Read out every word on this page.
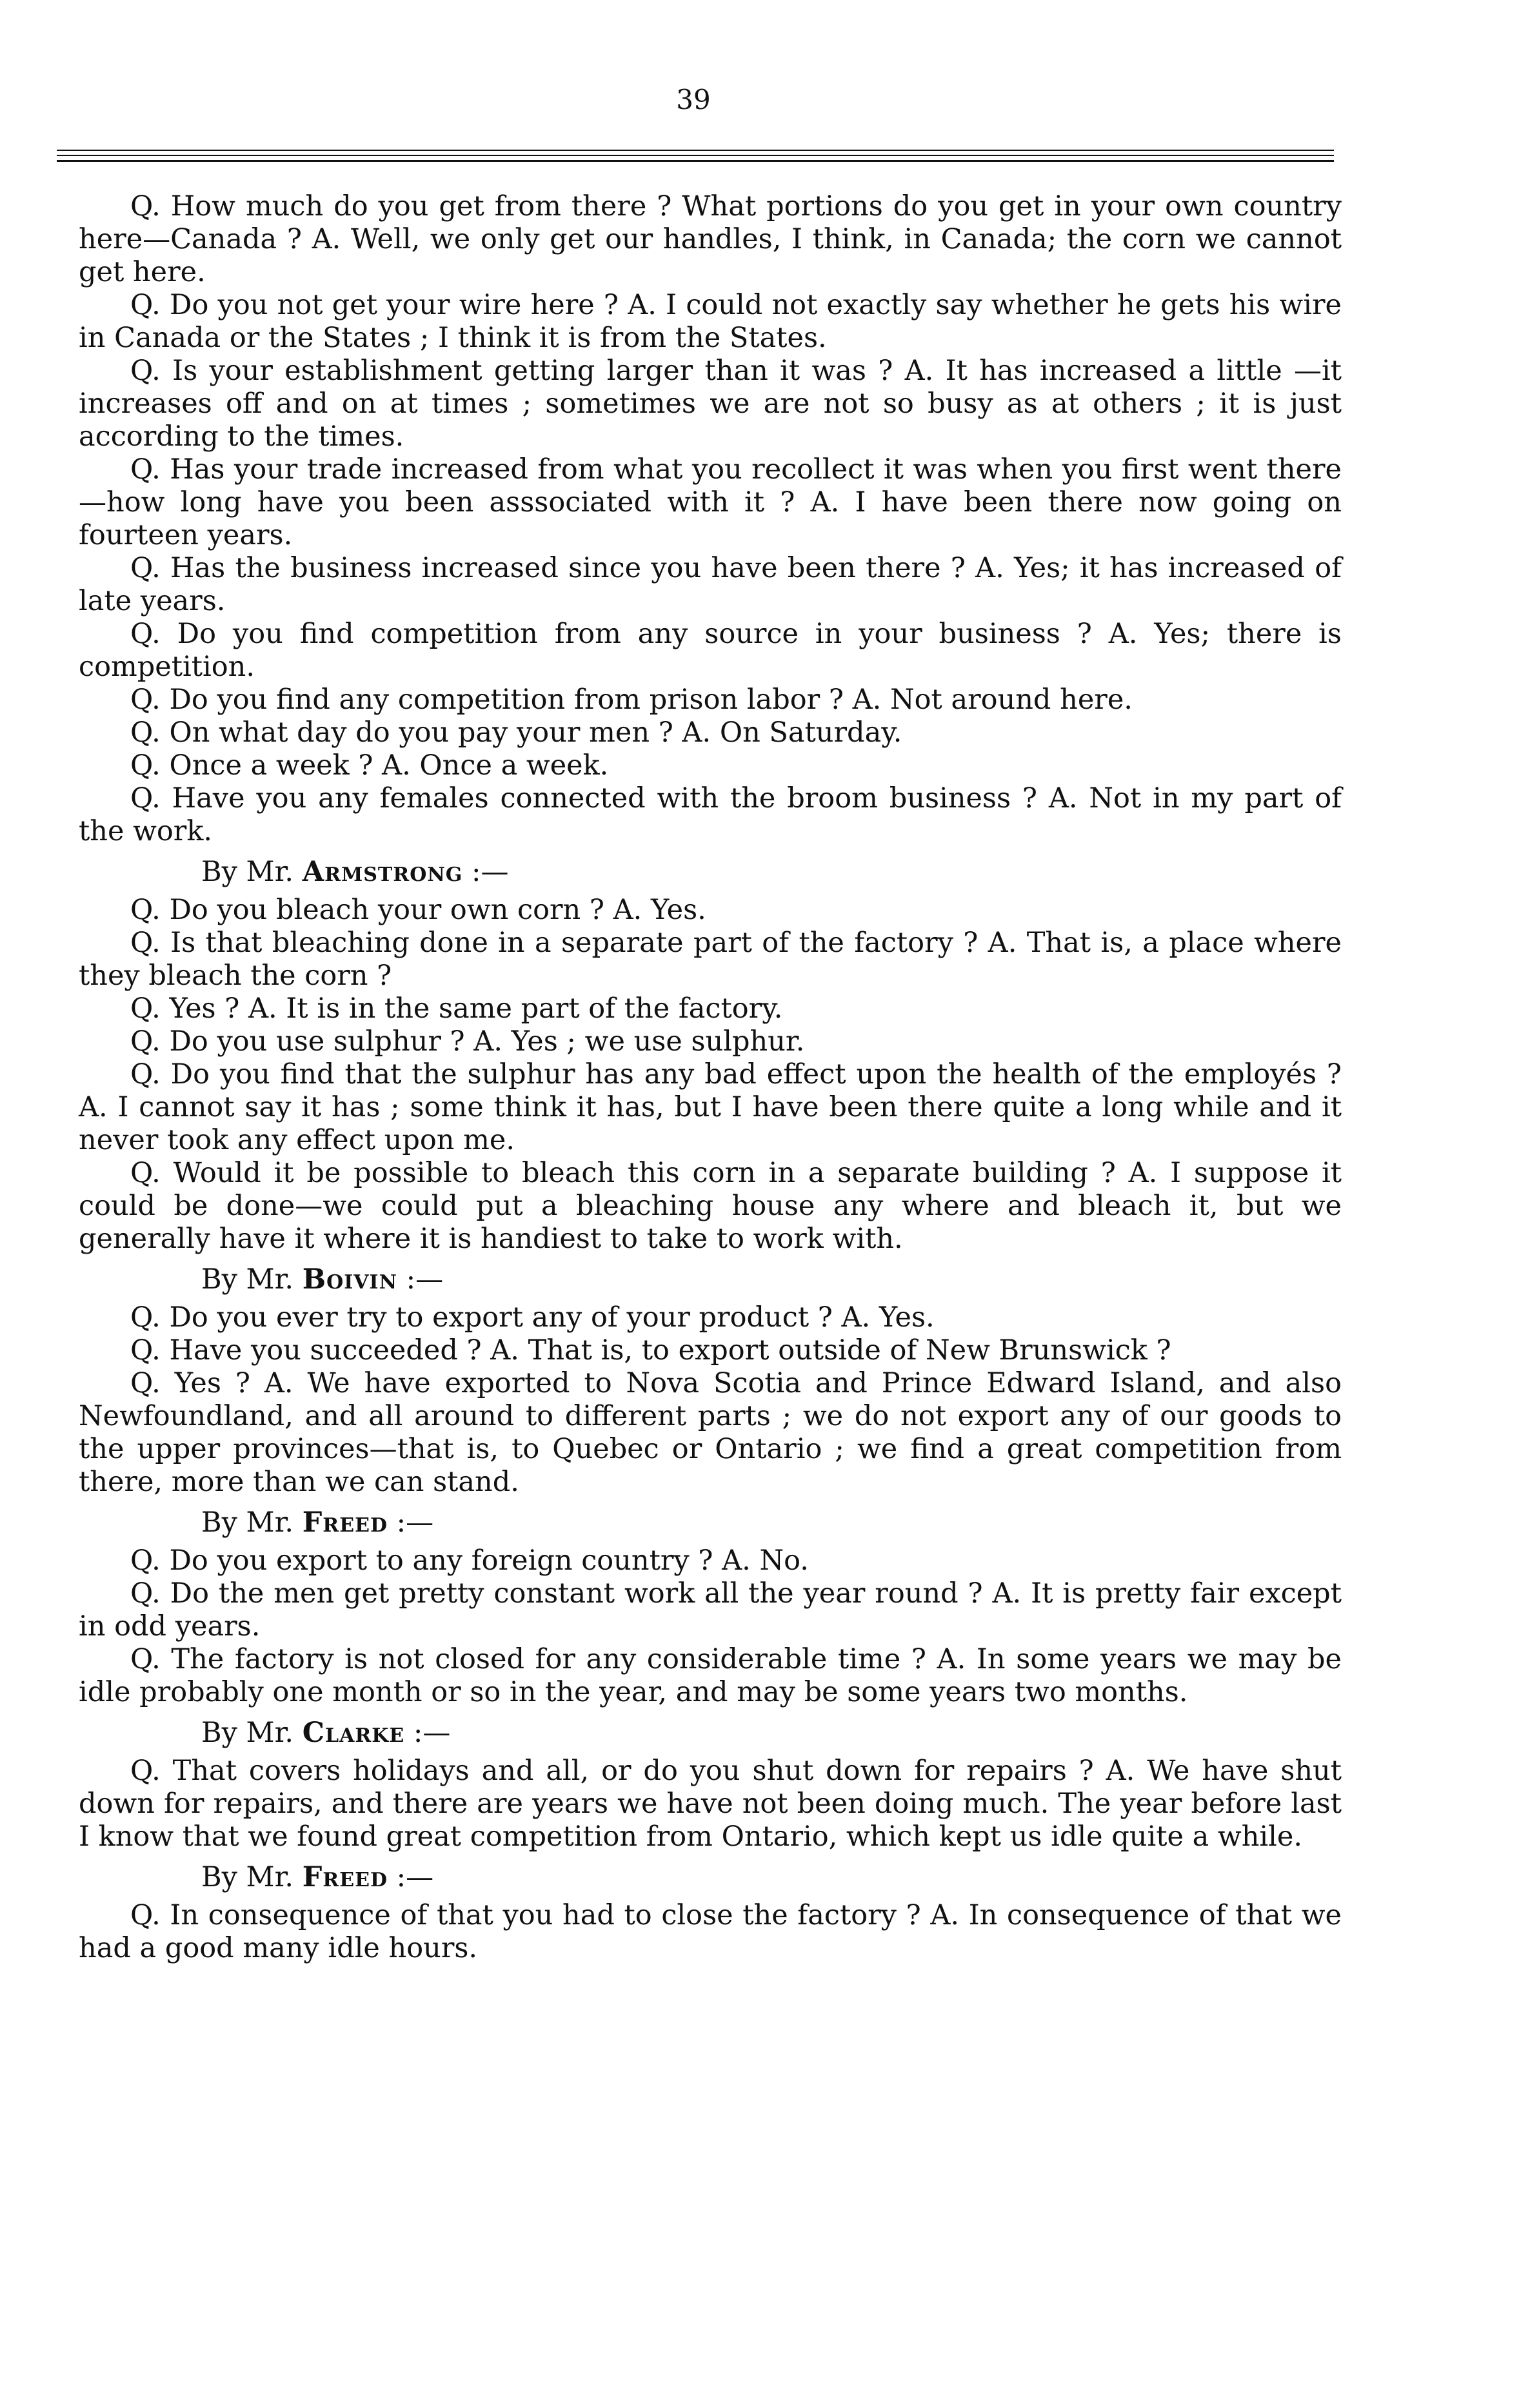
39

Q. How much do you get from there ? What portions do you get in your own country here—Canada ? A. Well, we only get our handles, I think, in Canada; the corn we cannot get here.

Q. Do you not get your wire here ? A. I could not exactly say whether he gets his wire in Canada or the States ; I think it is from the States.

Q. Is your establishment getting larger than it was ? A. It has increased a little —it increases off and on at times ; sometimes we are not so busy as at others ; it is just according to the times.

Q. Has your trade increased from what you recollect it was when you first went there—how long have you been asssociated with it ? A. I have been there now going on fourteen years.

Q. Has the business increased since you have been there ? A. Yes; it has increased of late years.

Q. Do you find competition from any source in your business ? A. Yes; there is competition.

Q. Do you find any competition from prison labor ? A. Not around here.

Q. On what day do you pay your men ? A. On Saturday.

Q. Once a week ? A. Once a week.

Q. Have you any females connected with the broom business ? A. Not in my part of the work.

By Mr. Armstrong :—

Q. Do you bleach your own corn ? A. Yes.

Q. Is that bleaching done in a separate part of the factory ? A. That is, a place where they bleach the corn ?

Q. Yes ? A. It is in the same part of the factory.

Q. Do you use sulphur ? A. Yes ; we use sulphur.

Q. Do you find that the sulphur has any bad effect upon the health of the employés ? A. I cannot say it has ; some think it has, but I have been there quite a long while and it never took any effect upon me.

Q. Would it be possible to bleach this corn in a separate building ? A. I suppose it could be done—we could put a bleaching house any where and bleach it, but we generally have it where it is handiest to take to work with.

By Mr. Boivin :—

Q. Do you ever try to export any of your product ? A. Yes.

Q. Have you succeeded ? A. That is, to export outside of New Brunswick ?

Q. Yes ? A. We have exported to Nova Scotia and Prince Edward Island, and also Newfoundland, and all around to different parts ; we do not export any of our goods to the upper provinces—that is, to Quebec or Ontario ; we find a great competition from there, more than we can stand.

By Mr. Freed :—

Q. Do you export to any foreign country ? A. No.

Q. Do the men get pretty constant work all the year round ? A. It is pretty fair except in odd years.

Q. The factory is not closed for any considerable time ? A. In some years we may be idle probably one month or so in the year, and may be some years two months.

By Mr. Clarke :—

Q. That covers holidays and all, or do you shut down for repairs ? A. We have shut down for repairs, and there are years we have not been doing much. The year before last I know that we found great competition from Ontario, which kept us idle quite a while.

By Mr. Freed :—

Q. In consequence of that you had to close the factory ? A. In consequence of that we had a good many idle hours.
